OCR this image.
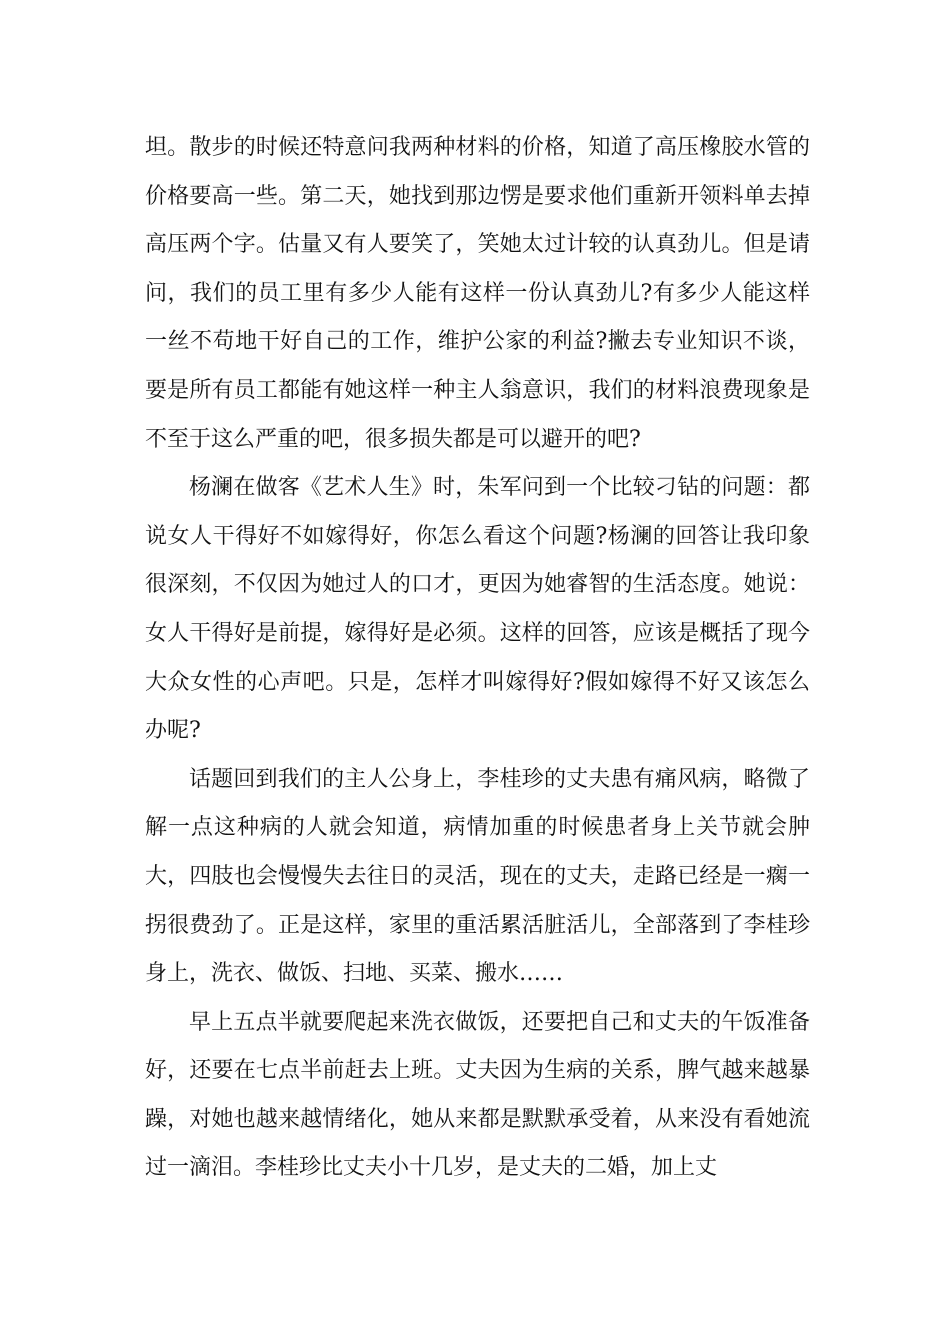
坦。散步的时候还特意问我两种材料的价格，知道了高压橡胶水管的价格要高一些。第二天，她找到那边愣是要求他们重新开领料单去掉高压两个字。估量又有人要笑了，笑她太过计较的认真劲儿。但是请问，我们的员工里有多少人能有这样一份认真劲儿?有多少人能这样一丝不苟地干好自己的工作，维护公家的利益?撇去专业知识不谈，要是所有员工都能有她这样一种主人翁意识，我们的材料浪费现象是不至于这么严重的吧，很多损失都是可以避开的吧?

杨澜在做客《艺术人生》时，朱军问到一个比较刁钻的问题：都说女人干得好不如嫁得好，你怎么看这个问题?杨澜的回答让我印象很深刻，不仅因为她过人的口才，更因为她睿智的生活态度。她说：女人干得好是前提，嫁得好是必须。这样的回答，应该是概括了现今大众女性的心声吧。只是，怎样才叫嫁得好?假如嫁得不好又该怎么办呢?

话题回到我们的主人公身上，李桂珍的丈夫患有痛风病，略微了解一点这种病的人就会知道，病情加重的时候患者身上关节就会肿大，四肢也会慢慢失去往日的灵活，现在的丈夫，走路已经是一瘸一拐很费劲了。正是这样，家里的重活累活脏活儿，全部落到了李桂珍身上，洗衣、做饭、扫地、买菜、搬水……

早上五点半就要爬起来洗衣做饭，还要把自己和丈夫的午饭准备好，还要在七点半前赶去上班。丈夫因为生病的关系，脾气越来越暴躁，对她也越来越情绪化，她从来都是默默承受着，从来没有看她流过一滴泪。李桂珍比丈夫小十几岁，是丈夫的二婚，加上丈
